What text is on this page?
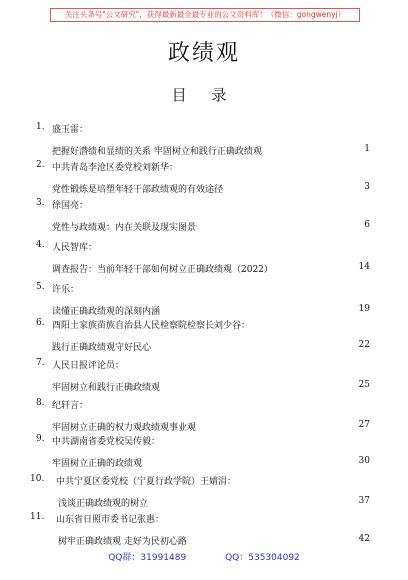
关注头条号"公文研究"，获得最新最全最专业的公文资料库！（微信：gongwenyj）
政绩观
目 录
1. 盛玉雷：
把握好潜绩和显绩的关系 牢固树立和践行正确政绩观	1
2. 中共青岛李沧区委党校刘新华：
党性锻炼是培塑年轻干部政绩观的有效途径	3
3. 徐国亮：
党性与政绩观：内在关联及现实图景	6
4. 人民智库：
调查报告：当前年轻干部如何树立正确政绩观（2022）	14
5. 许乐：
读懂正确政绩观的深刻内涵	19
6. 酉阳土家族苗族自治县人民检察院检察长刘少谷：
践行正确政绩观守好民心	22
7. 人民日报评论员：
牢固树立和践行正确政绩观	25
8. 纪轩言：
牢固树立正确的权力观政绩观事业观	27
9. 中共湖南省委党校吴传毅：
牢固树立正确的政绩观	30
10. 中共宁夏区委党校（宁夏行政学院）王婧涓：
浅谈正确政绩观的树立	37
11. 山东省日照市委书记张惠：
树牢正确政绩观 走好为民初心路	42
QQ群：31991489	QQ：535304092
